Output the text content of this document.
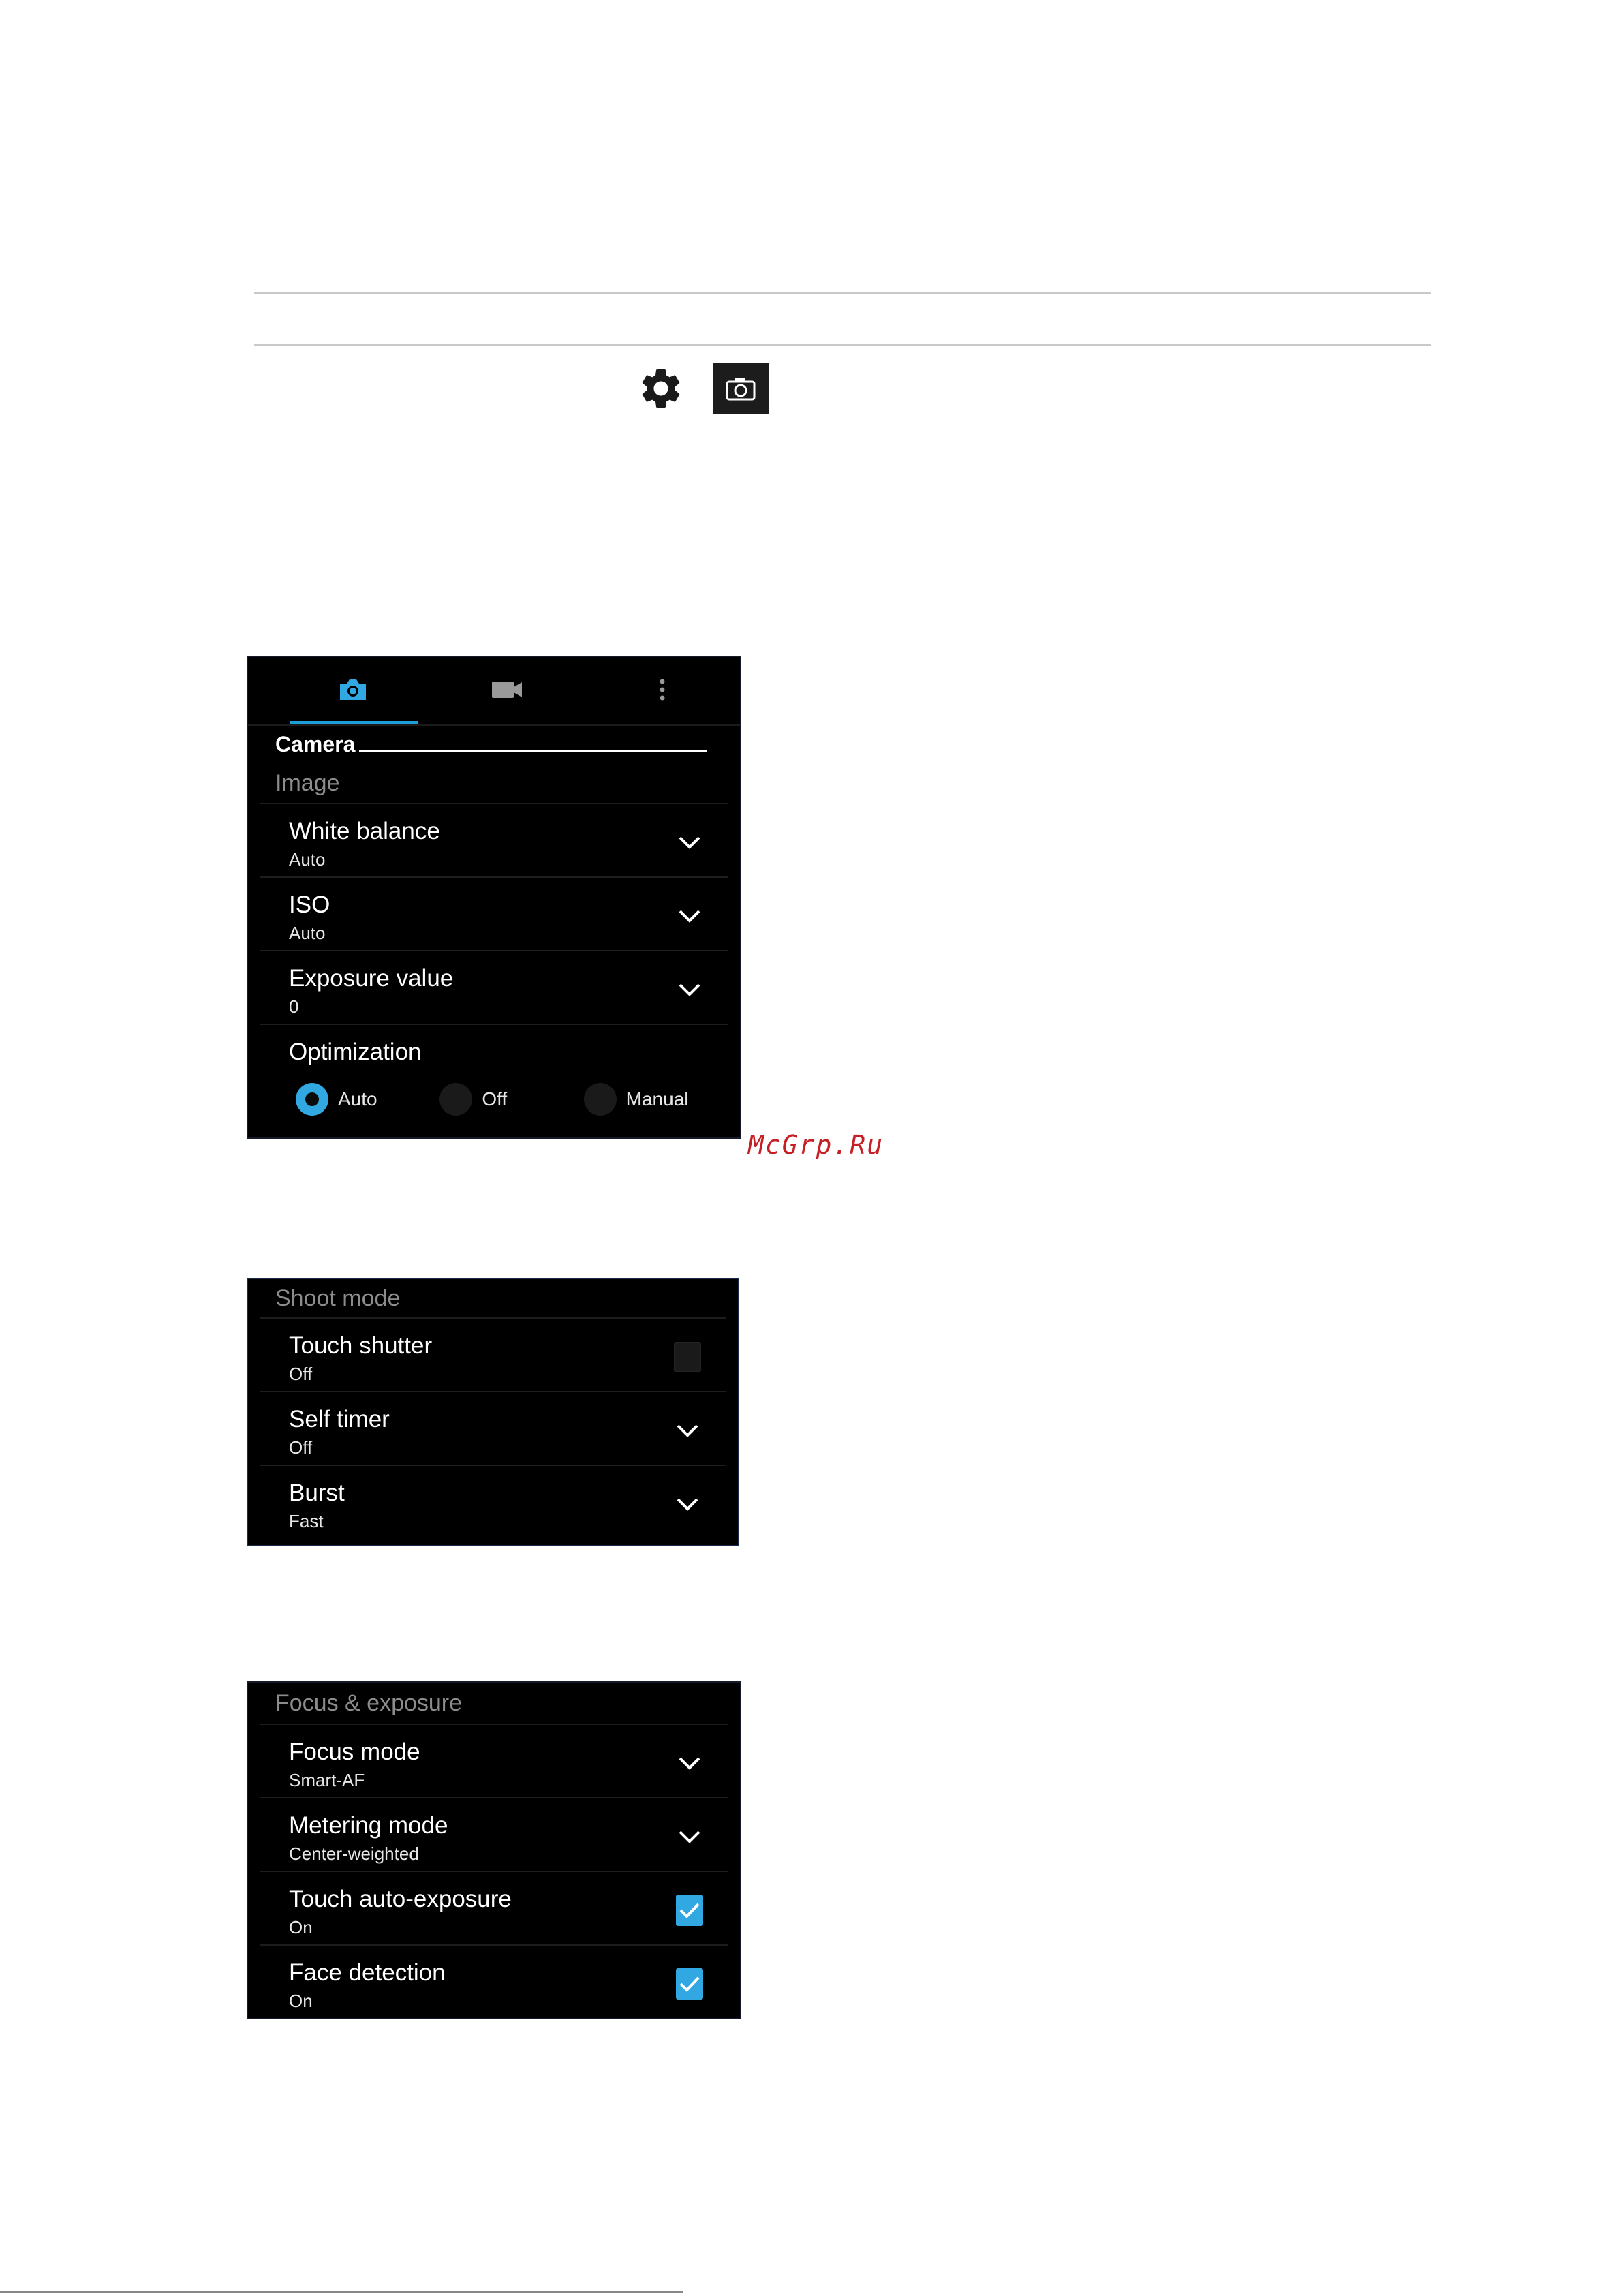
Camera
Image
White balance
Auto
ISO
Auto
Exposure value
0
Optimization
Auto	Off	Manual
McGrp.Ru
Shoot mode
Touch shutter
Off
Self timer
Off
Burst
Fast
Focus & exposure
Focus mode
Smart-AF
Metering mode
Center-weighted
Touch auto-exposure
On
Face detection
On
